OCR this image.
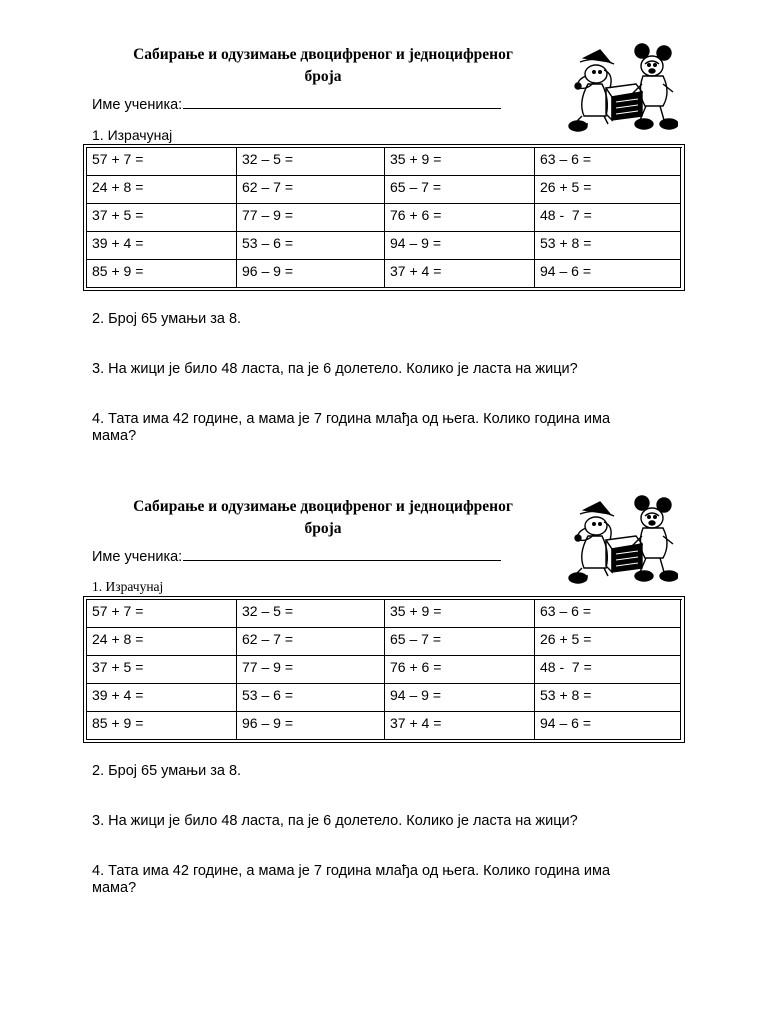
Сабирање и одузимање двоцифреног и једноцифреног
броја
Име ученика:
1. Израчунај
57 + 7 =	32 – 5 =	35 + 9 =	63 – 6 =
24 + 8 =	62 – 7 =	65 – 7 =	26 + 5 =
37 + 5 =	77 – 9 =	76 + 6 =	48 -  7 =
39 + 4 =	53 – 6 =	94 – 9 =	53 + 8 =
85 + 9 =	96 – 9 =	37 + 4 =	94 – 6 =
2. Број 65 умањи за 8.
3. На жици је било 48 ласта, па је 6 долетело. Колико је ласта на жици?
4. Тата има 42 године, а мама је 7 година млађа од њега. Колико година има мама?
Сабирање и одузимање двоцифреног и једноцифреног
броја
Име ученика:
1. Израчунај
57 + 7 =	32 – 5 =	35 + 9 =	63 – 6 =
24 + 8 =	62 – 7 =	65 – 7 =	26 + 5 =
37 + 5 =	77 – 9 =	76 + 6 =	48 -  7 =
39 + 4 =	53 – 6 =	94 – 9 =	53 + 8 =
85 + 9 =	96 – 9 =	37 + 4 =	94 – 6 =
2. Број 65 умањи за 8.
3. На жици је било 48 ласта, па је 6 долетело. Колико је ласта на жици?
4. Тата има 42 године, а мама је 7 година млађа од њега. Колико година има мама?
